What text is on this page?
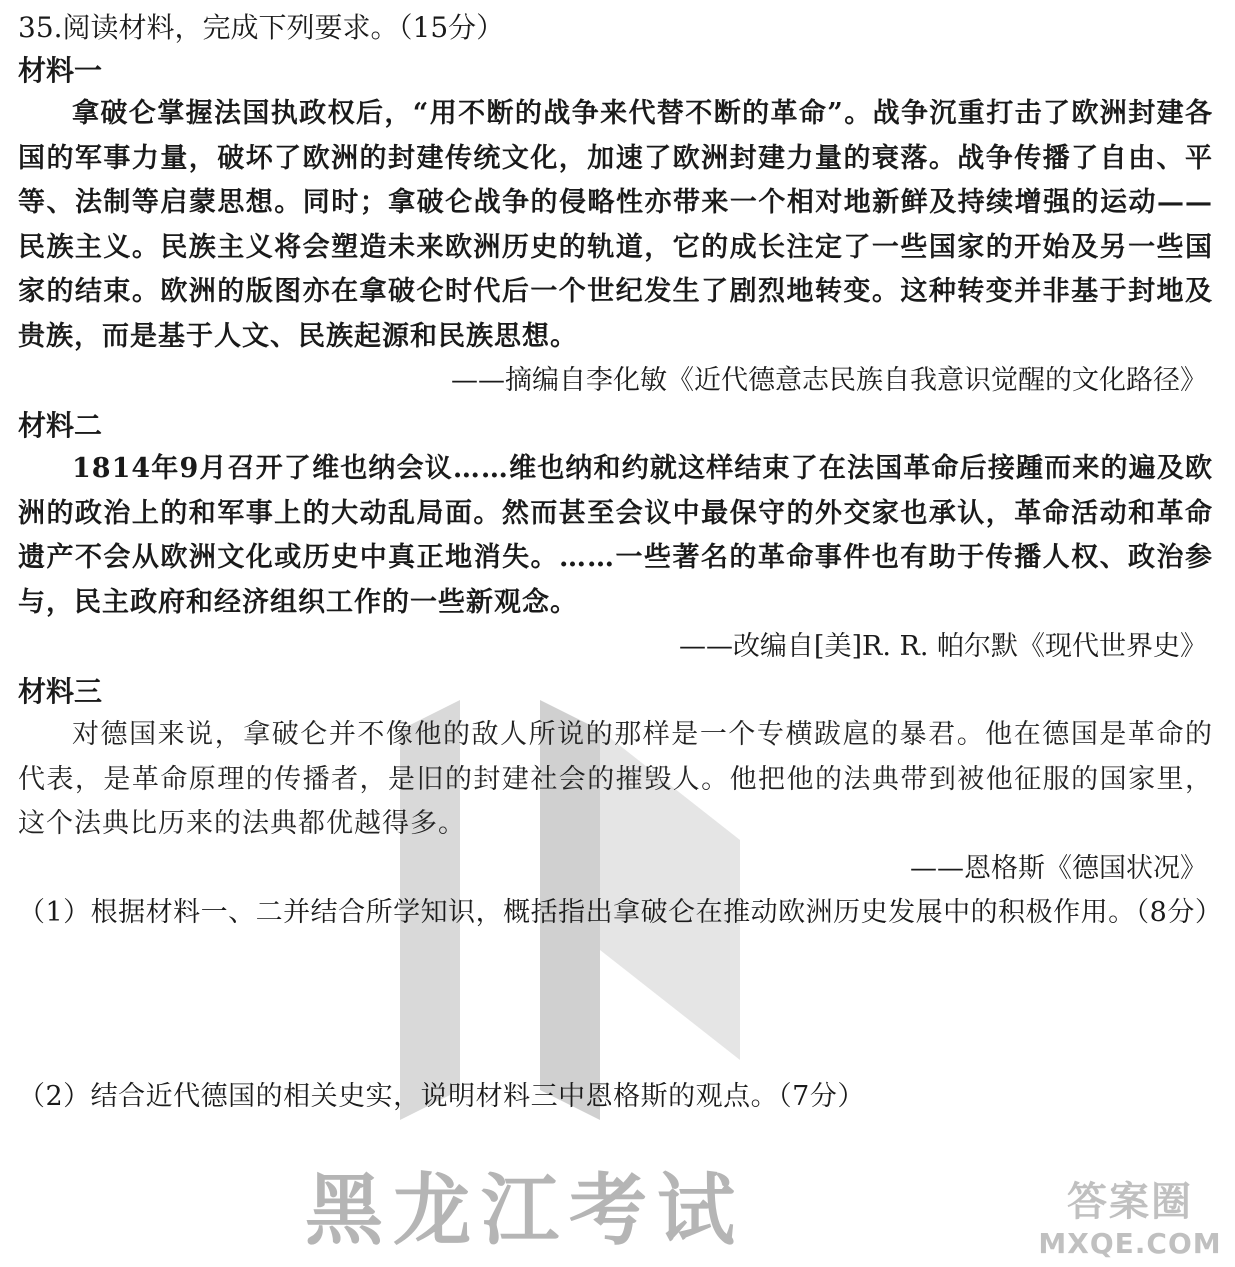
黑龙江考试	答案圈
MXQE.COM
35.阅读材料，完成下列要求。（15分）
材料一
拿破仑掌握法国执政权后，“用不断的战争来代替不断的革命”。战争沉重打击了欧洲封建各国的军事力量，破坏了欧洲的封建传统文化，加速了欧洲封建力量的衰落。战争传播了自由、平等、法制等启蒙思想。同时；拿破仑战争的侵略性亦带来一个相对地新鲜及持续增强的运动——民族主义。民族主义将会塑造未来欧洲历史的轨道，它的成长注定了一些国家的开始及另一些国家的结束。欧洲的版图亦在拿破仑时代后一个世纪发生了剧烈地转变。这种转变并非基于封地及贵族，而是基于人文、民族起源和民族思想。
——摘编自李化敏《近代德意志民族自我意识觉醒的文化路径》
材料二
1814年9月召开了维也纳会议……维也纳和约就这样结束了在法国革命后接踵而来的遍及欧洲的政治上的和军事上的大动乱局面。然而甚至会议中最保守的外交家也承认，革命活动和革命遗产不会从欧洲文化或历史中真正地消失。……一些著名的革命事件也有助于传播人权、政治参与，民主政府和经济组织工作的一些新观念。
——改编自[美]R. R. 帕尔默《现代世界史》
材料三
对德国来说，拿破仑并不像他的敌人所说的那样是一个专横跋扈的暴君。他在德国是革命的代表，是革命原理的传播者，是旧的封建社会的摧毁人。他把他的法典带到被他征服的国家里，这个法典比历来的法典都优越得多。
——恩格斯《德国状况》
（1）根据材料一、二并结合所学知识，概括指出拿破仑在推动欧洲历史发展中的积极作用。（8分）
（2）结合近代德国的相关史实，说明材料三中恩格斯的观点。（7分）
